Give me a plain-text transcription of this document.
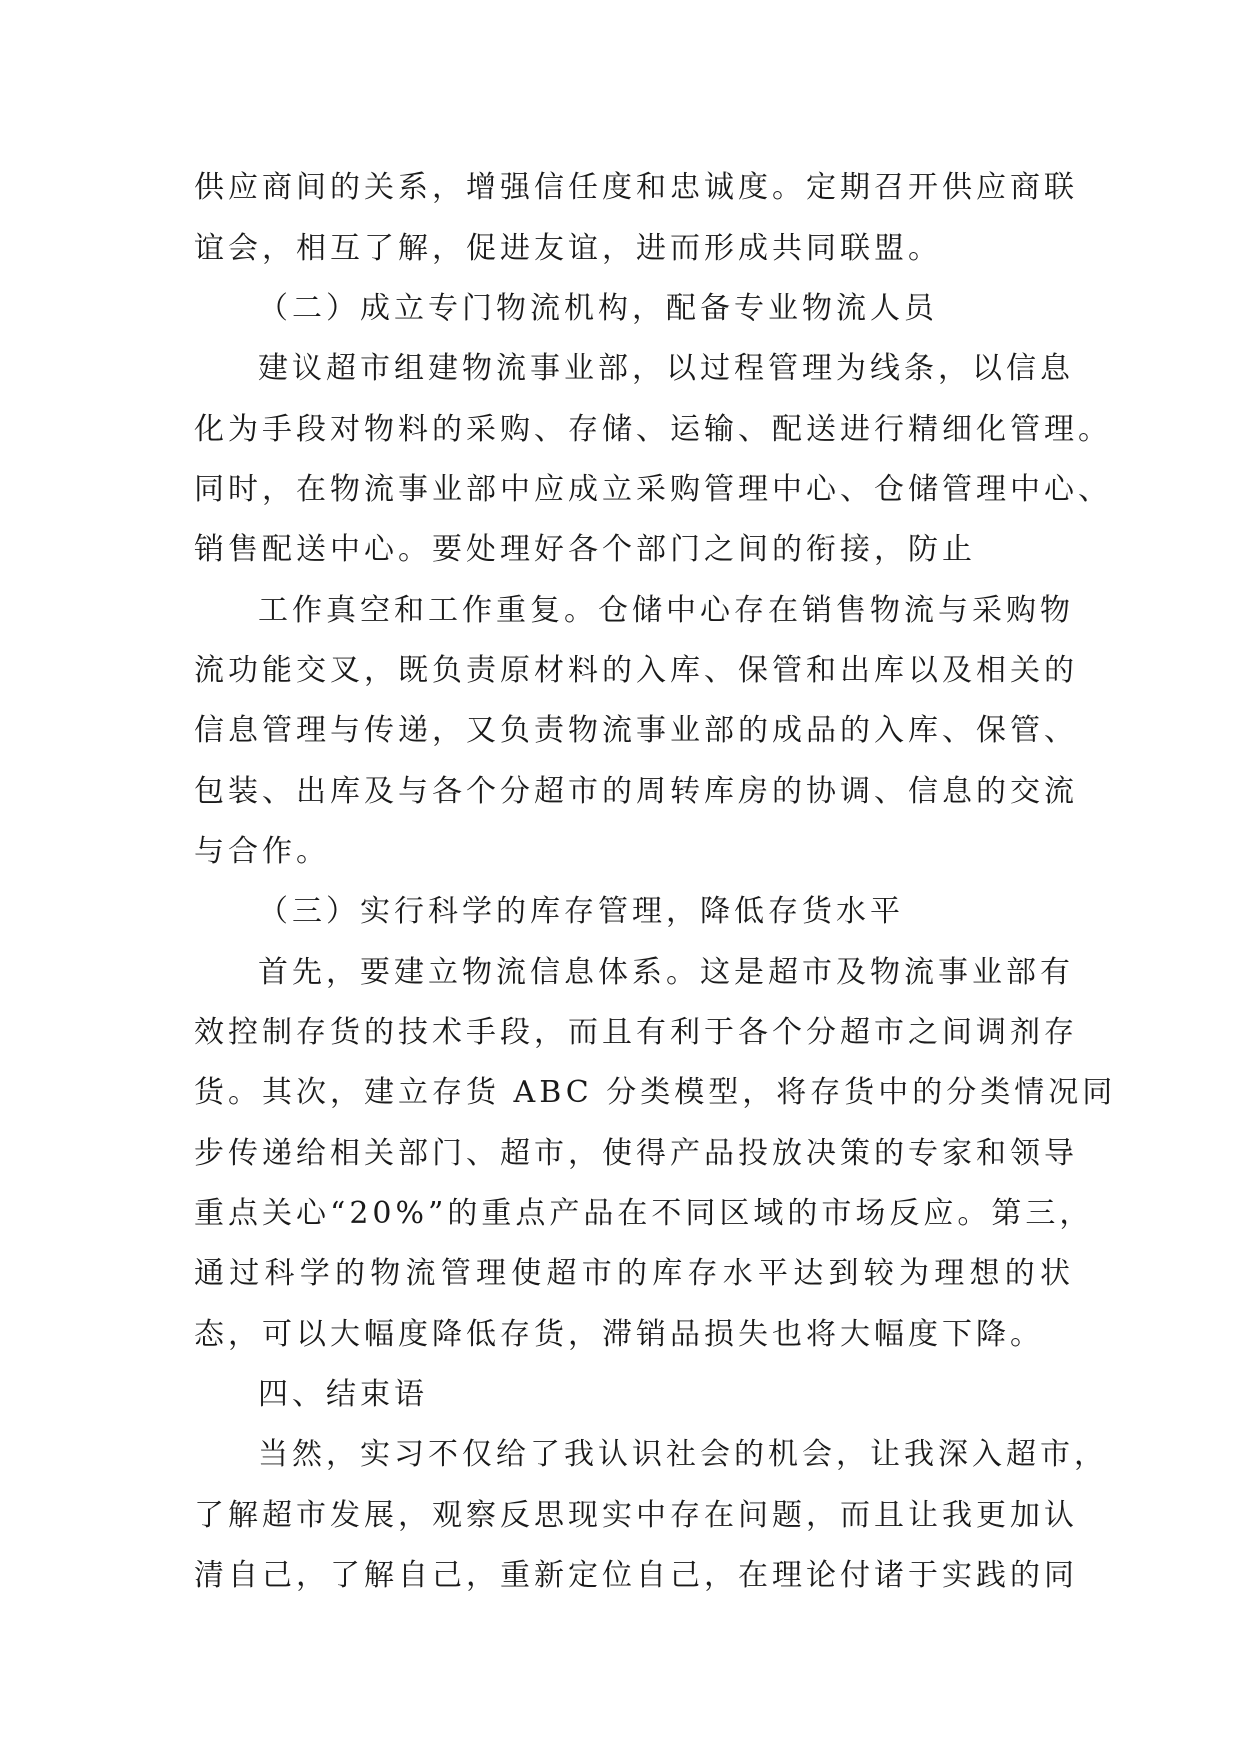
供应商间的关系，增强信任度和忠诚度。定期召开供应商联
谊会，相互了解，促进友谊，进而形成共同联盟。
（二）成立专门物流机构，配备专业物流人员
建议超市组建物流事业部，以过程管理为线条，以信息
化为手段对物料的采购、存储、运输、配送进行精细化管理。
同时，在物流事业部中应成立采购管理中心、仓储管理中心、
销售配送中心。要处理好各个部门之间的衔接，防止
工作真空和工作重复。仓储中心存在销售物流与采购物
流功能交叉，既负责原材料的入库、保管和出库以及相关的
信息管理与传递，又负责物流事业部的成品的入库、保管、
包装、出库及与各个分超市的周转库房的协调、信息的交流
与合作。
（三）实行科学的库存管理，降低存货水平
首先，要建立物流信息体系。这是超市及物流事业部有
效控制存货的技术手段，而且有利于各个分超市之间调剂存
货。其次，建立存货 ABC 分类模型，将存货中的分类情况同
步传递给相关部门、超市，使得产品投放决策的专家和领导
重点关心“20%”的重点产品在不同区域的市场反应。第三，
通过科学的物流管理使超市的库存水平达到较为理想的状
态，可以大幅度降低存货，滞销品损失也将大幅度下降。
四、结束语
当然，实习不仅给了我认识社会的机会，让我深入超市，
了解超市发展，观察反思现实中存在问题，而且让我更加认
清自己，了解自己，重新定位自己，在理论付诸于实践的同
